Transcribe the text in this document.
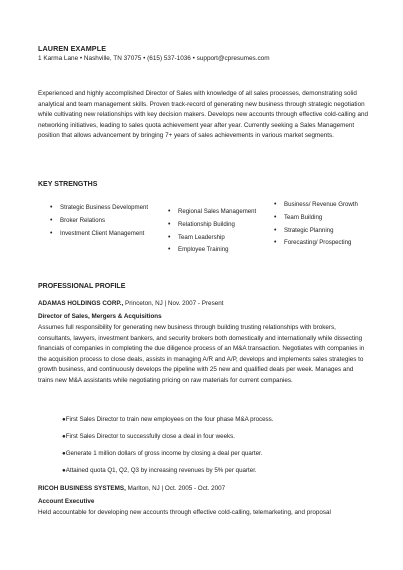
LAUREN EXAMPLE
1 Karma Lane • Nashville, TN 37075 • (615) 537-1036 • support@cpresumes.com
Experienced and highly accomplished Director of Sales with knowledge of all sales processes, demonstrating solid analytical and team management skills. Proven track-record of generating new business through strategic negotiation while cultivating new relationships with key decision makers. Develops new accounts through effective cold-calling and networking initiatives, leading to sales quota achievement year after year. Currently seeking a Sales Management position that allows advancement by bringing 7+ years of sales achievements in various market segments.
KEY STRENGTHS
• Strategic Business Development
• Broker Relations
• Investment Client Management
• Regional Sales Management
• Relationship Building
• Team Leadership
• Employee Training
• Business/ Revenue Growth
• Team Building
• Strategic Planning
• Forecasting/ Prospecting
PROFESSIONAL PROFILE
ADAMAS HOLDINGS CORP., Princeton, NJ | Nov. 2007 - Present
Director of Sales, Mergers & Acquisitions
Assumes full responsibility for generating new business through building trusting relationships with brokers, consultants, lawyers, investment bankers, and security brokers both domestically and internationally while dissecting financials of companies in completing the due diligence process of an M&A transaction. Negotiates with companies in the acquisition process to close deals, assists in managing A/R and A/P, develops and implements sales strategies to growth business, and continuously develops the pipeline with 25 new and qualified deals per week. Manages and trains new M&A assistants while negotiating pricing on raw materials for current companies.
●First Sales Director to train new employees on the four phase M&A process.
●First Sales Director to successfully close a deal in four weeks.
●Generate 1 million dollars of gross income by closing a deal per quarter.
●Attained quota Q1, Q2, Q3 by increasing revenues by 5% per quarter.
RICOH BUSINESS SYSTEMS, Marlton, NJ | Oct. 2005 - Oct. 2007
Account Executive
Held accountable for developing new accounts through effective cold-calling, telemarketing, and proposal
